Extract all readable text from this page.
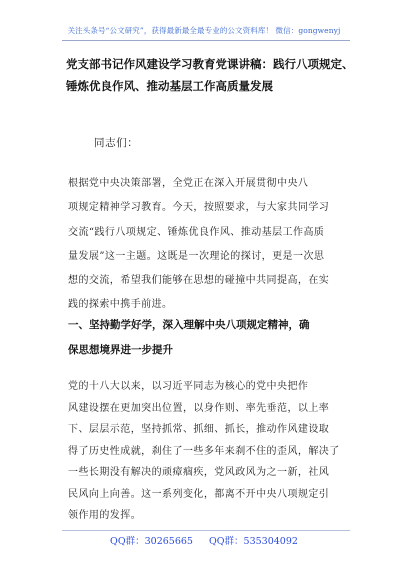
关注头条号“公文研究”，获得最新最全最专业的公文资料库！ 微信：gongwenyj
党支部书记作风建设学习教育党课讲稿：践行八项规定、
锤炼优良作风、推动基层工作高质量发展
同志们：
根据党中央决策部署，全党正在深入开展贯彻中央八
项规定精神学习教育。今天，按照要求，与大家共同学习
交流“践行八项规定、锤炼优良作风、推动基层工作高质
量发展”这一主题。这既是一次理论的探讨，更是一次思
想的交流，希望我们能够在思想的碰撞中共同提高，在实
践的探索中携手前进。
一、坚持勤学好学，深入理解中央八项规定精神，确
保思想境界进一步提升
党的十八大以来，以习近平同志为核心的党中央把作
风建设摆在更加突出位置，以身作则、率先垂范，以上率
下、层层示范，坚持抓常、抓细、抓长，推动作风建设取
得了历史性成就，刹住了一些多年来刹不住的歪风，解决了
一些长期没有解决的顽瘴痼疾，党风政风为之一新，社风
民风向上向善。这一系列变化，都离不开中央八项规定引
领作用的发挥。
QQ群：30265665 QQ群：535304092
